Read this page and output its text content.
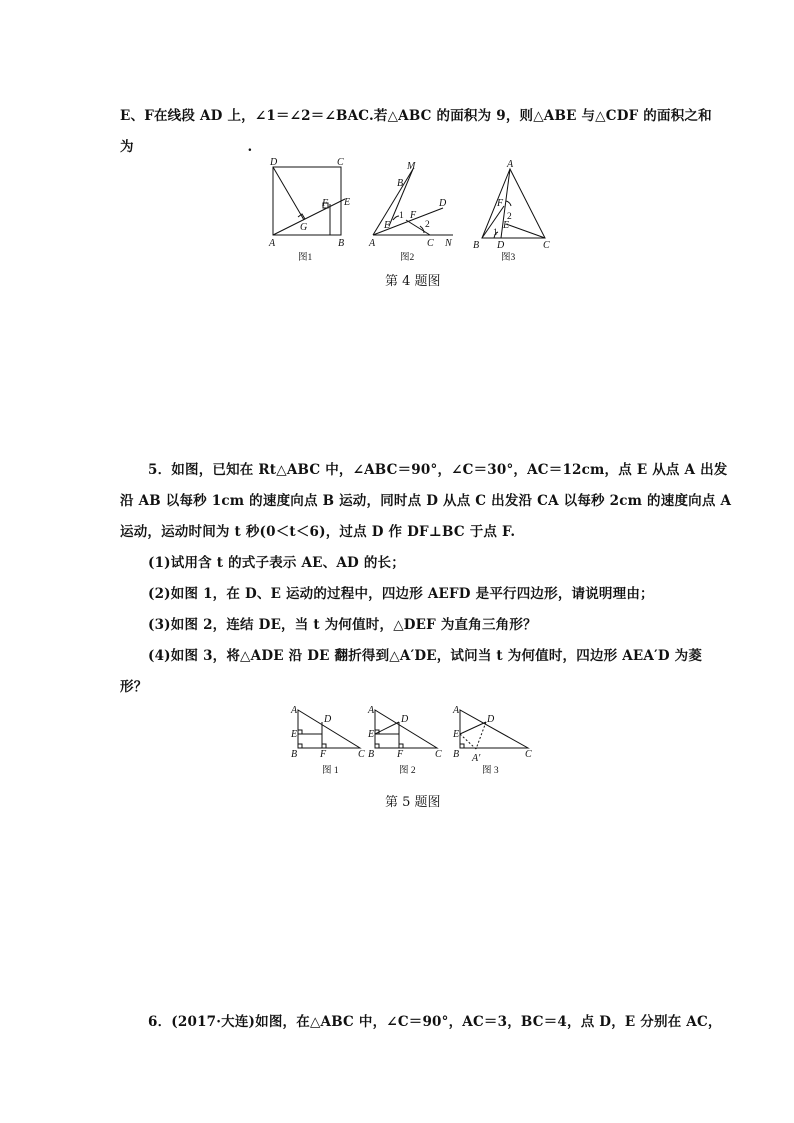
E、F在线段 AD 上，∠1＝∠2＝∠BAC.若△ABC 的面积为 9，则△ABE 与△CDF 的面积之和
为	.
D	C
A	B
G
F E
图1
M
B
1 F
D
E	2
A	C N
图2
A
F
2
E
1
B D	C
图3
第 4 题图
5．如图，已知在 Rt△ABC 中，∠ABC＝90°，∠C＝30°，AC＝12cm，点 E 从点 A 出发
沿 AB 以每秒 1cm 的速度向点 B 运动，同时点 D 从点 C 出发沿 CA 以每秒 2cm 的速度向点 A
运动，运动时间为 t 秒(0＜t＜6)，过点 D 作 DF⊥BC 于点 F.
(1)试用含 t 的式子表示 AE、AD 的长；
(2)如图 1，在 D、E 运动的过程中，四边形 AEFD 是平行四边形，请说明理由；
(3)如图 2，连结 DE，当 t 为何值时，△DEF 为直角三角形？
(4)如图 3，将△ADE 沿 DE 翻折得到△A′DE，试问当 t 为何值时，四边形 AEA′D 为菱
形？
A
D
E
B F	C
图 1
A
D
E
B F	C
图 2
A
D
E
B A′	C
图 3
第 5 题图
6．(2017·大连)如图，在△ABC 中，∠C＝90°，AC＝3，BC＝4，点 D，E 分别在 AC，
